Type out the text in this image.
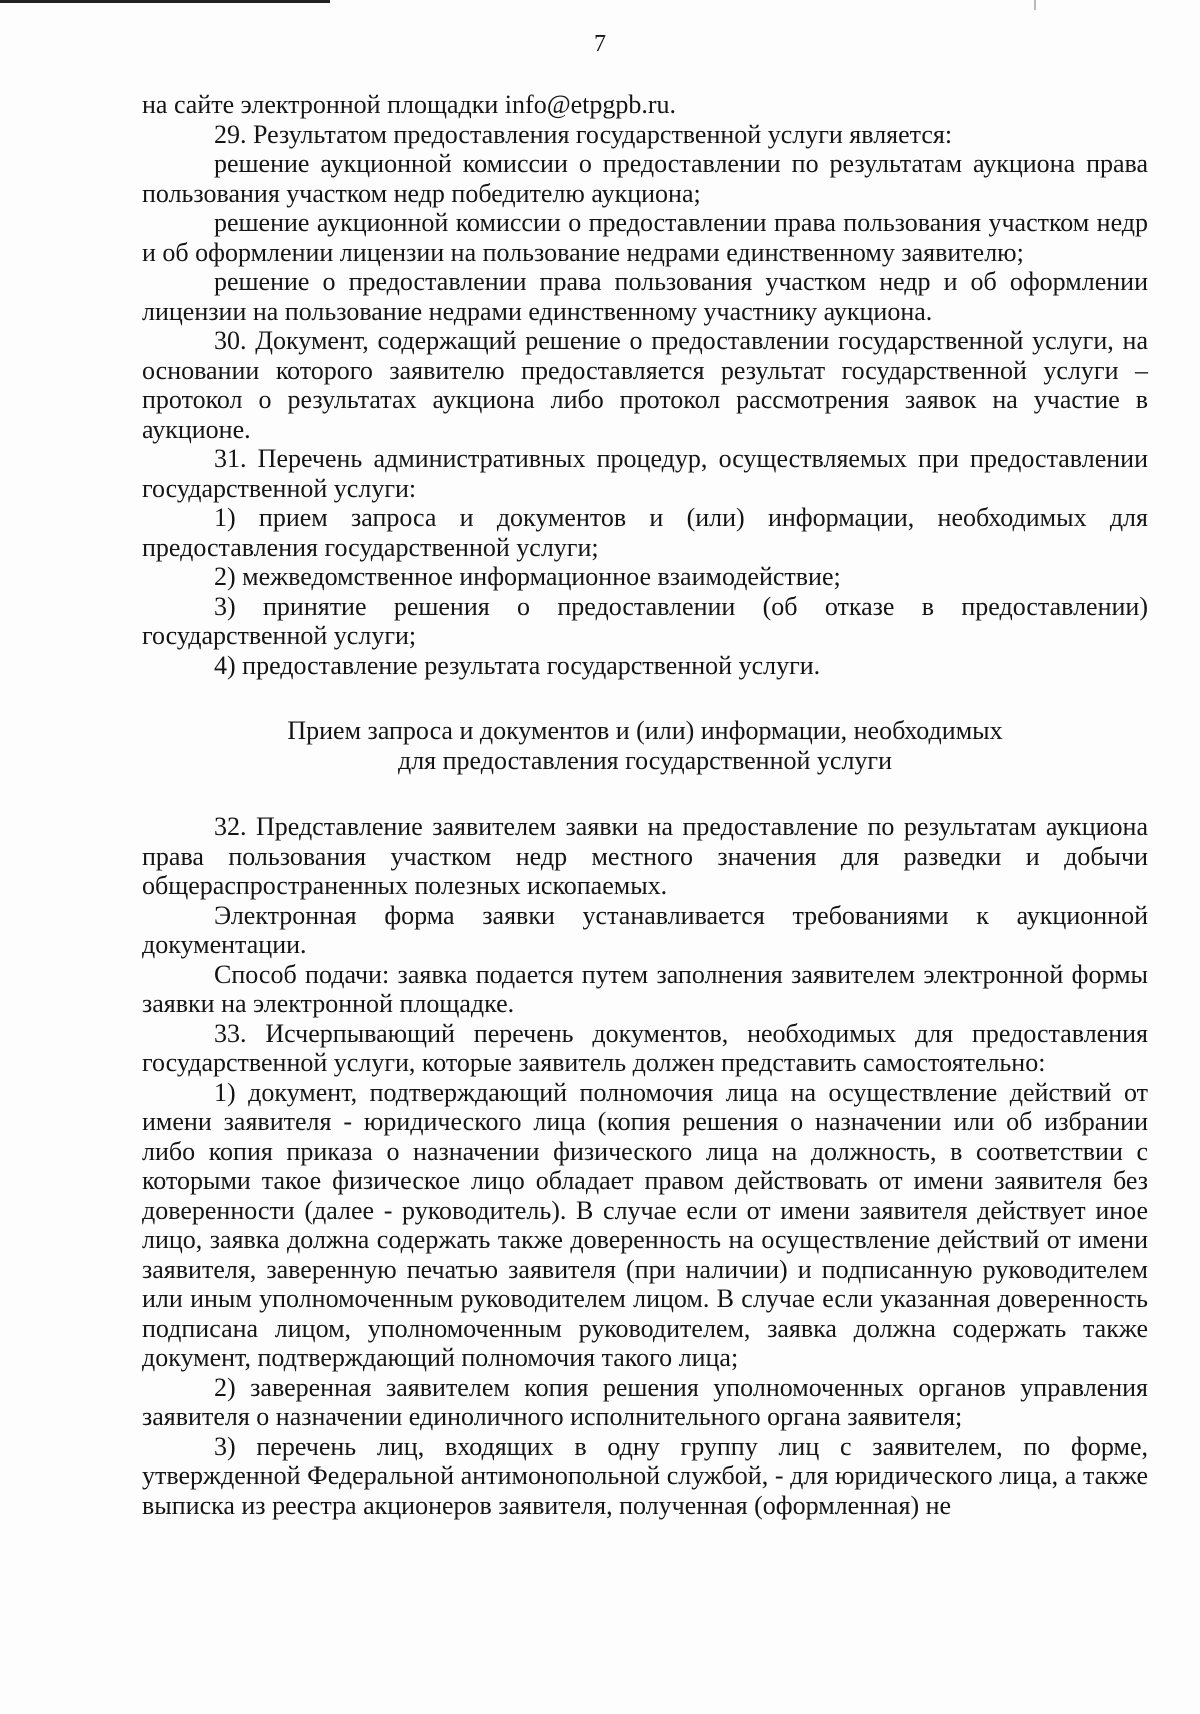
7

на сайте электронной площадки info@etpgpb.ru.

29. Результатом предоставления государственной услуги является:

решение аукционной комиссии о предоставлении по результатам аукциона права пользования участком недр победителю аукциона;

решение аукционной комиссии о предоставлении права пользования участком недр и об оформлении лицензии на пользование недрами единственному заявителю;

решение о предоставлении права пользования участком недр и об оформлении лицензии на пользование недрами единственному участнику аукциона.

30. Документ, содержащий решение о предоставлении государственной услуги, на основании которого заявителю предоставляется результат государственной услуги – протокол о результатах аукциона либо протокол рассмотрения заявок на участие в аукционе.

31. Перечень административных процедур, осуществляемых при предоставлении государственной услуги:

1) прием запроса и документов и (или) информации, необходимых для предоставления государственной услуги;

2) межведомственное информационное взаимодействие;

3) принятие решения о предоставлении (об отказе в предоставлении) государственной услуги;

4) предоставление результата государственной услуги.

Прием запроса и документов и (или) информации, необходимых
для предоставления государственной услуги

32. Представление заявителем заявки на предоставление по результатам аукциона права пользования участком недр местного значения для разведки и добычи общераспространенных полезных ископаемых.

Электронная форма заявки устанавливается требованиями к аукционной документации.

Способ подачи: заявка подается путем заполнения заявителем электронной формы заявки на электронной площадке.

33. Исчерпывающий перечень документов, необходимых для предоставления государственной услуги, которые заявитель должен представить самостоятельно:

1) документ, подтверждающий полномочия лица на осуществление действий от имени заявителя - юридического лица (копия решения о назначении или об избрании либо копия приказа о назначении физического лица на должность, в соответствии с которыми такое физическое лицо обладает правом действовать от имени заявителя без доверенности (далее - руководитель). В случае если от имени заявителя действует иное лицо, заявка должна содержать также доверенность на осуществление действий от имени заявителя, заверенную печатью заявителя (при наличии) и подписанную руководителем или иным уполномоченным руководителем лицом. В случае если указанная доверенность подписана лицом, уполномоченным руководителем, заявка должна содержать также документ, подтверждающий полномочия такого лица;

2) заверенная заявителем копия решения уполномоченных органов управления заявителя о назначении единоличного исполнительного органа заявителя;

3) перечень лиц, входящих в одну группу лиц с заявителем, по форме, утвержденной Федеральной антимонопольной службой, - для юридического лица, а также выписка из реестра акционеров заявителя, полученная (оформленная) не
